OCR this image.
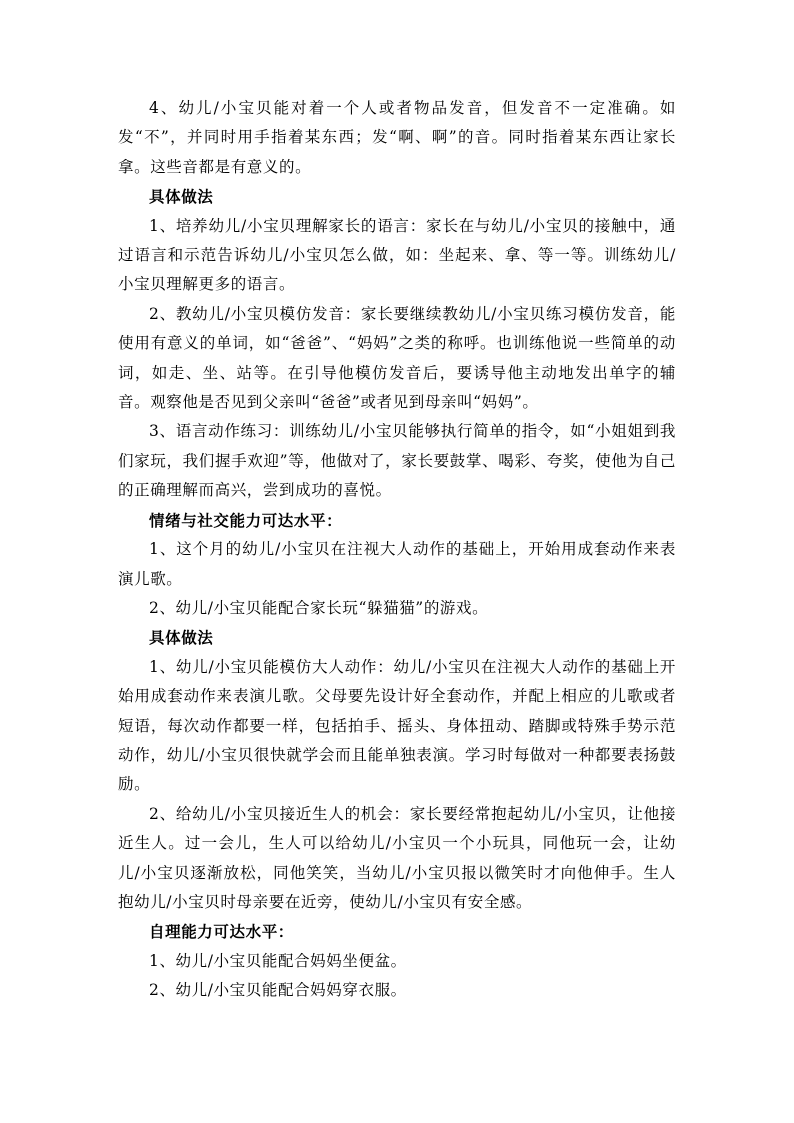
4、幼儿/小宝贝能对着一个人或者物品发音，但发音不一定准确。如发“不”，并同时用手指着某东西；发“啊、啊”的音。同时指着某东西让家长拿。这些音都是有意义的。

具体做法

1、培养幼儿/小宝贝理解家长的语言：家长在与幼儿/小宝贝的接触中，通过语言和示范告诉幼儿/小宝贝怎么做，如：坐起来、拿、等一等。训练幼儿/小宝贝理解更多的语言。

2、教幼儿/小宝贝模仿发音：家长要继续教幼儿/小宝贝练习模仿发音，能使用有意义的单词，如“爸爸”、“妈妈”之类的称呼。也训练他说一些简单的动词，如走、坐、站等。在引导他模仿发音后，要诱导他主动地发出单字的辅音。观察他是否见到父亲叫“爸爸”或者见到母亲叫“妈妈”。

3、语言动作练习：训练幼儿/小宝贝能够执行简单的指令，如“小姐姐到我们家玩，我们握手欢迎”等，他做对了，家长要鼓掌、喝彩、夸奖，使他为自己的正确理解而高兴，尝到成功的喜悦。

情绪与社交能力可达水平：

1、这个月的幼儿/小宝贝在注视大人动作的基础上，开始用成套动作来表演儿歌。

2、幼儿/小宝贝能配合家长玩“躲猫猫”的游戏。

具体做法

1、幼儿/小宝贝能模仿大人动作：幼儿/小宝贝在注视大人动作的基础上开始用成套动作来表演儿歌。父母要先设计好全套动作，并配上相应的儿歌或者短语，每次动作都要一样，包括拍手、摇头、身体扭动、踏脚或特殊手势示范动作，幼儿/小宝贝很快就学会而且能单独表演。学习时每做对一种都要表扬鼓励。

2、给幼儿/小宝贝接近生人的机会：家长要经常抱起幼儿/小宝贝，让他接近生人。过一会儿，生人可以给幼儿/小宝贝一个小玩具，同他玩一会，让幼儿/小宝贝逐渐放松，同他笑笑，当幼儿/小宝贝报以微笑时才向他伸手。生人抱幼儿/小宝贝时母亲要在近旁，使幼儿/小宝贝有安全感。

自理能力可达水平：

1、幼儿/小宝贝能配合妈妈坐便盆。

2、幼儿/小宝贝能配合妈妈穿衣服。
